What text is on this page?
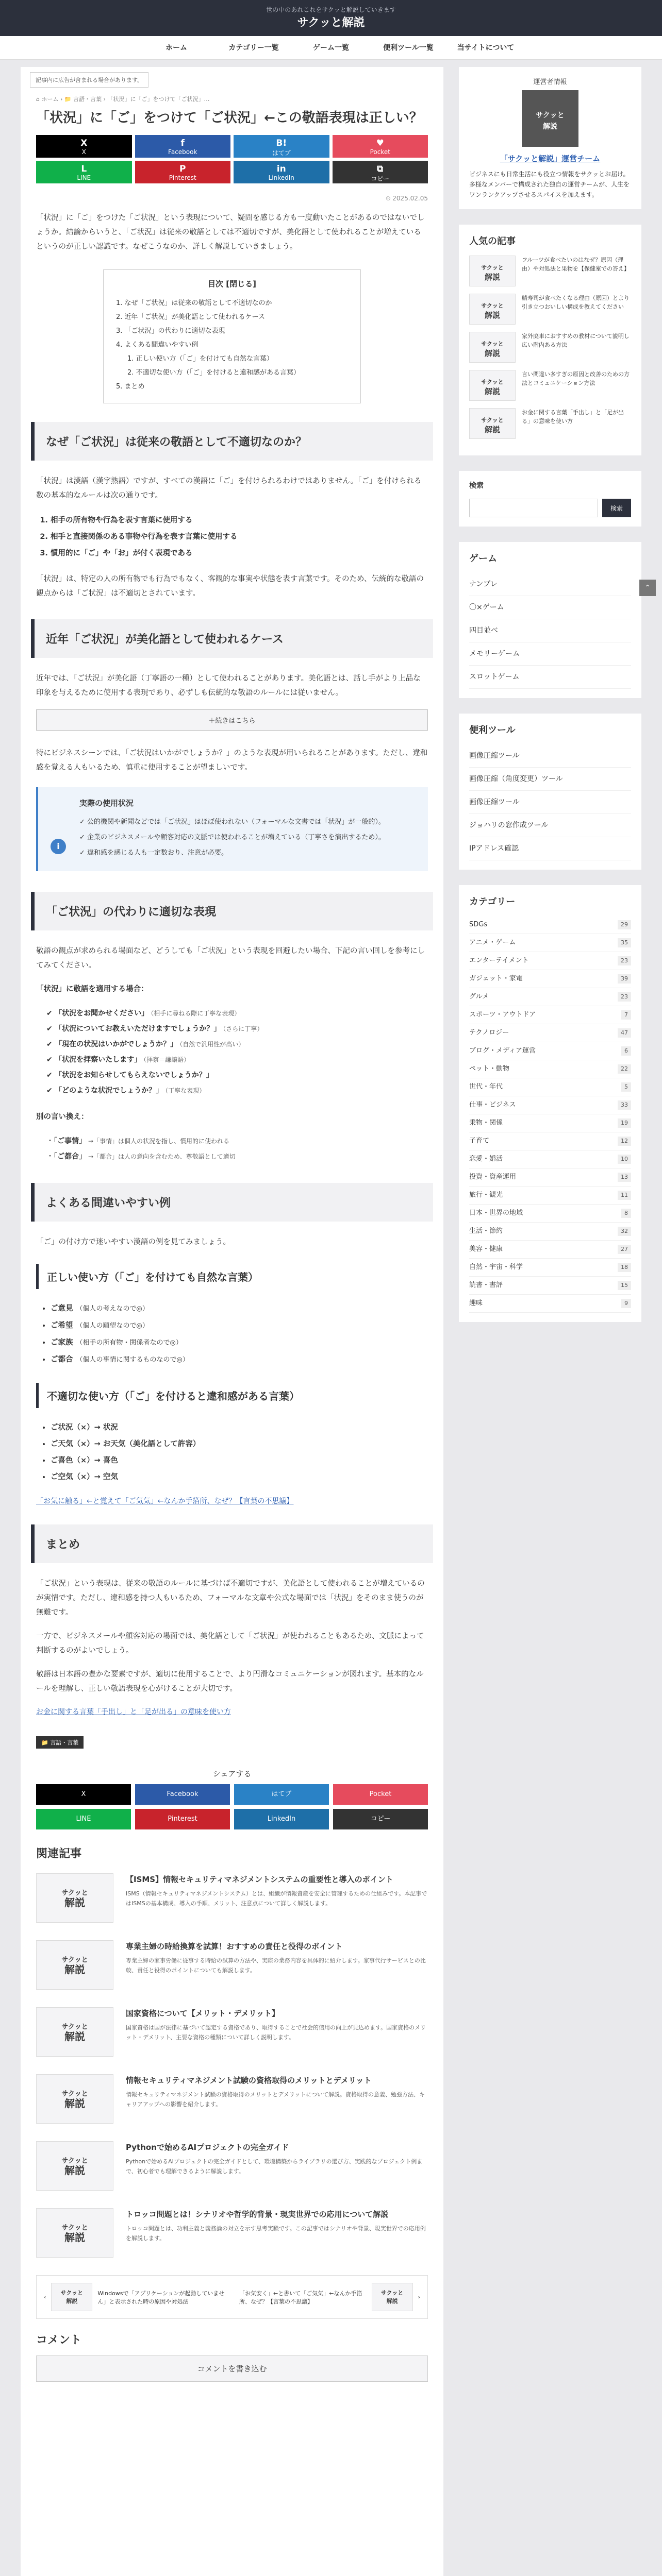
世の中のあれこれをサクッと解説していきます
サクッと解説
ホーム	カテゴリー一覧	ゲーム一覧	便利ツール一覧	当サイトについて
記事内に広告が含まれる場合があります。
⌂ ホーム › 📁 言語・言葉 › 「状況」に「ご」をつけて「ご状況」…
「状況」に「ご」をつけて「ご状況」←この敬語表現は正しい？
X
X
f
Facebook
B!
はてブ
♥
Pocket
L
LINE
P
Pinterest
in
LinkedIn
⧉
コピー
⏲ 2025.02.05

「状況」に「ご」をつけた「ご状況」という表現について、疑問を感じる方も一度動いたことがあるのではないでしょうか。結論からいうと、「ご状況」は従来の敬語としては不適切ですが、美化語として使われることが増えているというのが正しい認識です。なぜこうなのか、詳しく解説していきましょう。

目次 [閉じる]
1. なぜ「ご状況」は従来の敬語として不適切なのか
2. 近年「ご状況」が美化語として使われるケース
3. 「ご状況」の代わりに適切な表現
4. よくある間違いやすい例
1. 正しい使い方（「ご」を付けても自然な言葉）
2. 不適切な使い方（「ご」を付けると違和感がある言葉）
5. まとめ
なぜ「ご状況」は従来の敬語として不適切なのか？

「状況」は漢語（漢字熟語）ですが、すべての漢語に「ご」を付けられるわけではありません。「ご」を付けられる数の基本的なルールは次の通りです。

1. 相手の所有物や行為を表す言葉に使用する
2. 相手と直接関係のある事物や行為を表す言葉に使用する
3. 慣用的に「ご」や「お」が付く表現である

「状況」は、特定の人の所有物でも行為でもなく、客観的な事実や状態を表す言葉です。そのため、伝統的な敬語の観点からは「ご状況」は不適切とされています。

近年「ご状況」が美化語として使われるケース

近年では、「ご状況」が美化語（丁寧語の一種）として使われることがあります。美化語とは、話し手がより上品な印象を与えるために使用する表現であり、必ずしも伝統的な敬語のルールには従いません。

＋続きはこちら

特にビジネスシーンでは、「ご状況はいかがでしょうか？」のような表現が用いられることがあります。ただし、違和感を覚える人もいるため、慎重に使用することが望ましいです。

i
実際の使用状況
✓ 公的機関や新聞などでは「ご状況」はほぼ使われない（フォーマルな文書では「状況」が一般的）。
✓ 企業のビジネスメールや顧客対応の文脈では使われることが増えている（丁寧さを演出するため）。
✓ 違和感を感じる人も一定数おり、注意が必要。
「ご状況」の代わりに適切な表現

敬語の観点が求められる場面など、どうしても「ご状況」という表現を回避したい場合、下記の言い回しを参考にしてみてください。

「状況」に敬語を適用する場合：

✔ 「状況をお聞かせください」 （相手に尋ねる際に丁寧な表現）
✔ 「状況についてお教えいただけますでしょうか？」 （さらに丁寧）
✔ 「現在の状況はいかがでしょうか？」 （自然で汎用性が高い）
✔ 「状況を拝察いたします」 （拝察＝謙譲語）
✔ 「状況をお知らせしてもらえないでしょうか？」
✔ 「どのような状況でしょうか？」 （丁寧な表現）

別の言い換え：

・「ご事情」 →「事情」は個人の状況を指し、慣用的に使われる
・「ご都合」 →「都合」は人の意向を含むため、尊敬語として適切
よくある間違いやすい例

「ご」の付け方で迷いやすい漢語の例を見てみましょう。

正しい使い方（「ご」を付けても自然な言葉）
• ご意見 （個人の考えなので◎）
• ご希望 （個人の願望なので◎）
• ご家族 （相手の所有物・関係者なので◎）
• ご都合 （個人の事情に関するものなので◎）
不適切な使い方（「ご」を付けると違和感がある言葉）
• ご状況（×）→ 状況
• ご天気（×）→ お天気（美化語として許容）
• ご喜色（×）→ 喜色
• ご空気（×）→ 空気
「お気に触る」←と覚えて「ご気気」←なんか手箔所、なぜ？【言葉の不思議】
まとめ

「ご状況」という表現は、従来の敬語のルールに基づけば不適切ですが、美化語として使われることが増えているのが実情です。ただし、違和感を持つ人もいるため、フォーマルな文章や公式な場面では「状況」をそのまま使うのが無難です。

一方で、ビジネスメールや顧客対応の場面では、美化語として「ご状況」が使われることもあるため、文脈によって判断するのがよいでしょう。

敬語は日本語の豊かな要素ですが、適切に使用することで、より円滑なコミュニケーションが図れます。基本的なルールを理解し、正しい敬語表現を心がけることが大切です。

お金に関する言葉「手出し」と「足が出る」の意味を使い方
📁 言語・言葉
シェアする
X	Facebook	はてブ	Pocket
LINE	Pinterest	LinkedIn	コピー
関連記事
サクッと
解説
【ISMS】情報セキュリティマネジメントシステムの重要性と導入のポイント
ISMS（情報セキュリティマネジメントシステム）とは、組織が情報資産を安全に管理するための仕組みです。本記事ではISMSの基本構成、導入の手順、メリット、注意点について詳しく解説します。
サクッと
解説
専業主婦の時給換算を試算！おすすめの責任と役得のポイント
専業主婦の家事労働に従事する時給の試算の方法や、実際の業務内容を具体的に紹介します。家事代行サービスとの比較、責任と役得のポイントについても解説します。
サクッと
解説
国家資格について【メリット・デメリット】
国家資格は国が法律に基づいて認定する資格であり、取得することで社会的信用の向上が見込めます。国家資格のメリット・デメリット、主要な資格の種類について詳しく説明します。
サクッと
解説
情報セキュリティマネジメント試験の資格取得のメリットとデメリット
情報セキュリティマネジメント試験の資格取得のメリットとデメリットについて解説。資格取得の意義、勉強方法、キャリアアップへの影響を紹介します。
サクッと
解説
Pythonで始めるAIプロジェクトの完全ガイド
Pythonで始めるAIプロジェクトの完全ガイドとして、環境構築からライブラリの選び方、実践的なプロジェクト例まで、初心者でも理解できるように解説します。
サクッと
解説
トロッコ問題とは！シナリオや哲学的背景・現実世界での応用について解説
トロッコ問題とは、功利主義と義務論の対立を示す思考実験です。この記事ではシナリオや背景、現実世界での応用例を解説します。
‹
サクッと
解説
Windowsで「アプリケーションが起動していません」と表示された時の原因や対処法
「お気安く」←と書いて「ご気気」←なんか手箔所、なぜ？【言葉の不思議】
サクッと
解説
›
コメント
コメントを書き込む
運営者情報
サクッと
解説
「サクッと解説」運営チーム
ビジネスにも日常生活にも役立つ情報をサクッとお届け。多様なメンバーで構成された独自の運営チームが、人生をワンランクアップさせるスパイスを加えます。
人気の記事
サクッと
解説
フルーツが食べたいのはなぜ？原因（理由）や対処法と果物を【保健室での答え】
サクッと
解説
鯖寿司が食べたくなる理由（原因）とより引き立つおいしい構成を教えてください
サクッと
解説
家外廃車におすすめの教材について説明し広い階内ある方法
サクッと
解説
言い間違い多すぎの原因と改善のための方法とコミュニケーション方法
サクッと
解説
お金に関する言葉「手出し」と「足が出る」の意味を使い方
検索
検索
ゲーム
ナンプレ
〇×ゲーム
四目並べ
メモリーゲーム
スロットゲーム
便利ツール
画像圧縮ツール
画像圧縮（角度変更）ツール
画像圧縮ツール
ジョハリの窓作成ツール
IPアドレス確認
カテゴリー
SDGs	29
アニメ・ゲーム	35
エンターテイメント	23
ガジェット・家電	39
グルメ	23
スポーツ・アウトドア	7
テクノロジー	47
ブログ・メディア運営	6
ペット・動物	22
世代・年代	5
仕事・ビジネス	33
乗物・関係	19
子育て	12
恋愛・婚活	10
投資・資産運用	13
旅行・観光	11
日本・世界の地域	8
生活・節約	32
美容・健康	27
自然・宇宙・科学	18
読書・書評	15
趣味	9
⌃
